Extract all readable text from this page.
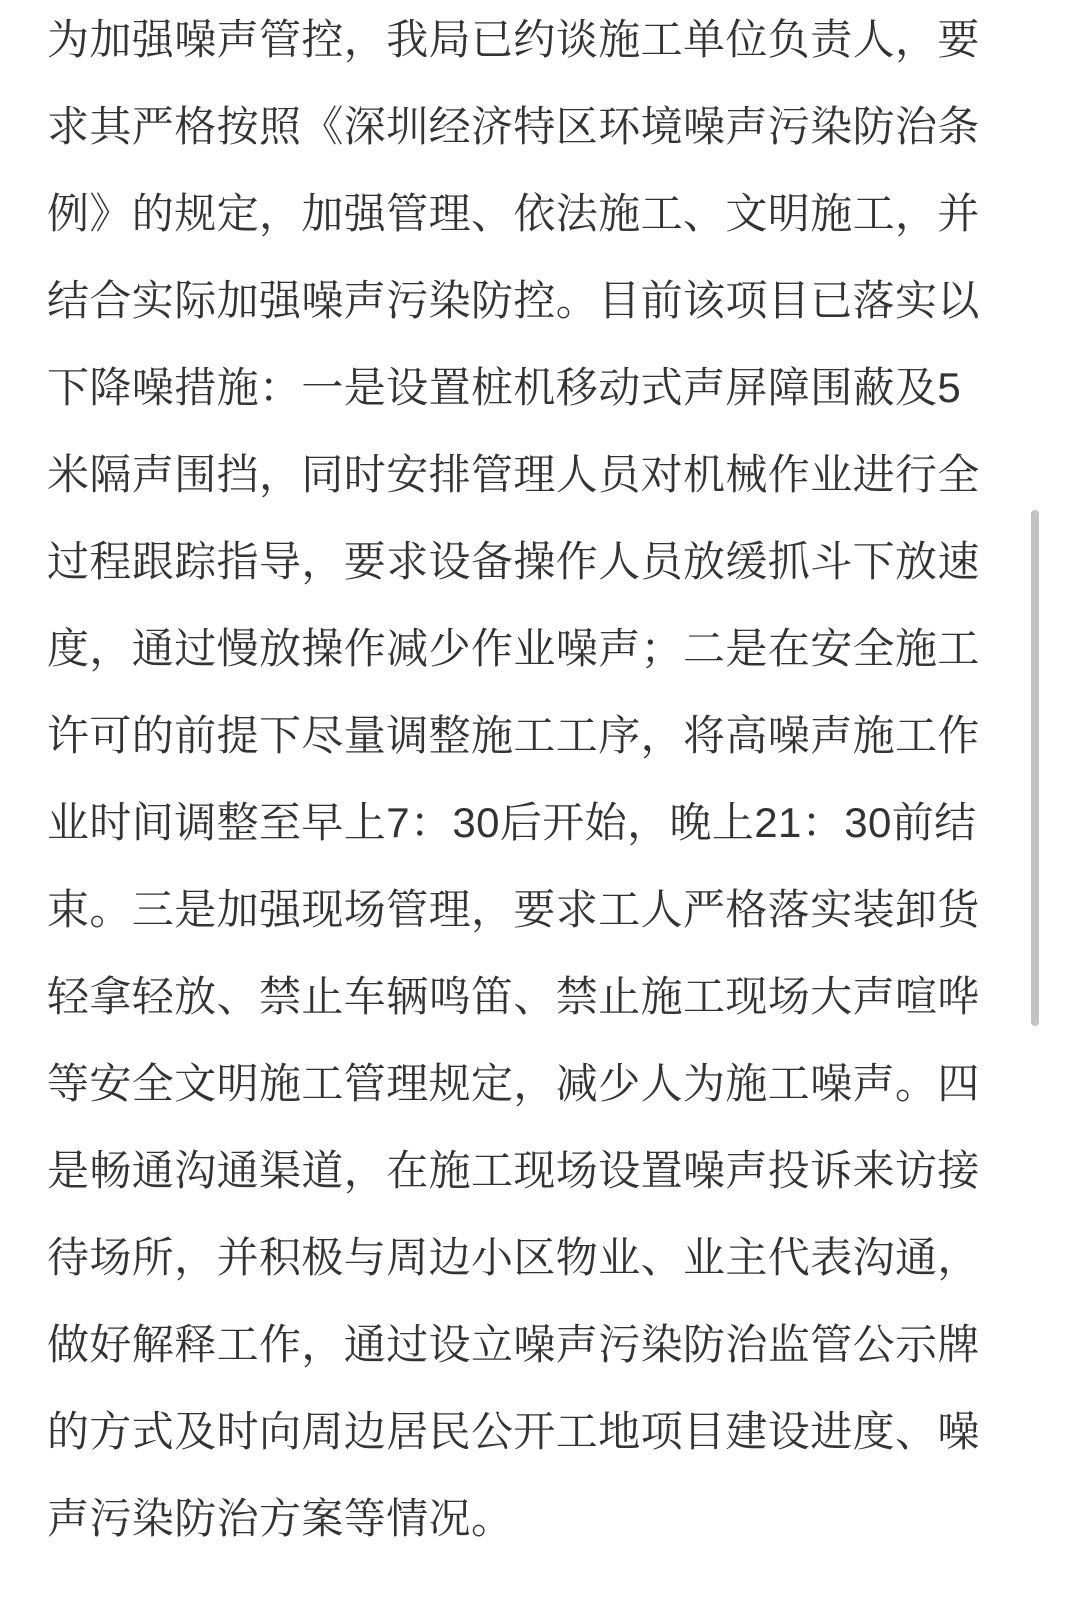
为加强噪声管控，我局已约谈施工单位负责人，要

求其严格按照《深圳经济特区环境噪声污染防治条

例》的规定，加强管理、依法施工、文明施工，并

结合实际加强噪声污染防控。目前该项目已落实以

下降噪措施：一是设置桩机移动式声屏障围蔽及5

米隔声围挡，同时安排管理人员对机械作业进行全

过程跟踪指导，要求设备操作人员放缓抓斗下放速

度，通过慢放操作减少作业噪声；二是在安全施工

许可的前提下尽量调整施工工序，将高噪声施工作

业时间调整至早上7：30后开始，晚上21：30前结

束。三是加强现场管理，要求工人严格落实装卸货

轻拿轻放、禁止车辆鸣笛、禁止施工现场大声喧哗

等安全文明施工管理规定，减少人为施工噪声。四

是畅通沟通渠道，在施工现场设置噪声投诉来访接

待场所，并积极与周边小区物业、业主代表沟通，

做好解释工作，通过设立噪声污染防治监管公示牌

的方式及时向周边居民公开工地项目建设进度、噪

声污染防治方案等情况。
